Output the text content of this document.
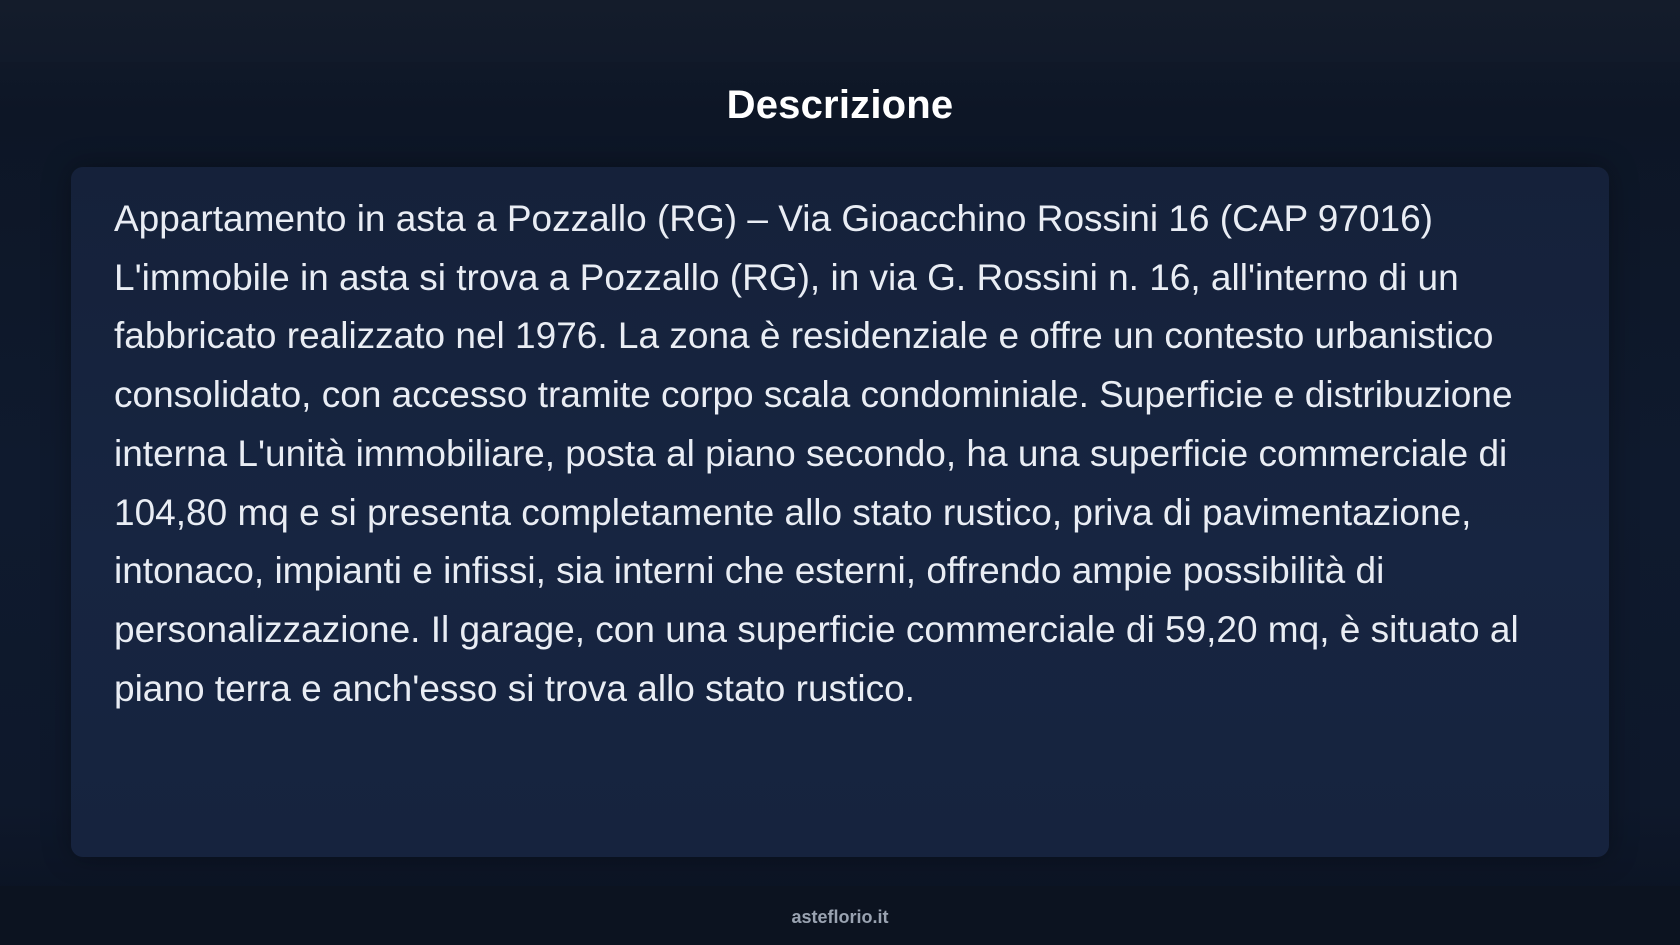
Descrizione

Appartamento in asta a Pozzallo (RG) – Via Gioacchino Rossini 16 (CAP 97016) L'immobile in asta si trova a Pozzallo (RG), in via G. Rossini n. 16, all'interno di un fabbricato realizzato nel 1976. La zona è residenziale e offre un contesto urbanistico consolidato, con accesso tramite corpo scala condominiale. Superficie e distribuzione interna L'unità immobiliare, posta al piano secondo, ha una superficie commerciale di 104,80 mq e si presenta completamente allo stato rustico, priva di pavimentazione, intonaco, impianti e infissi, sia interni che esterni, offrendo ampie possibilità di personalizzazione. Il garage, con una superficie commerciale di 59,20 mq, è situato al piano terra e anch'esso si trova allo stato rustico.

asteflorio.it
